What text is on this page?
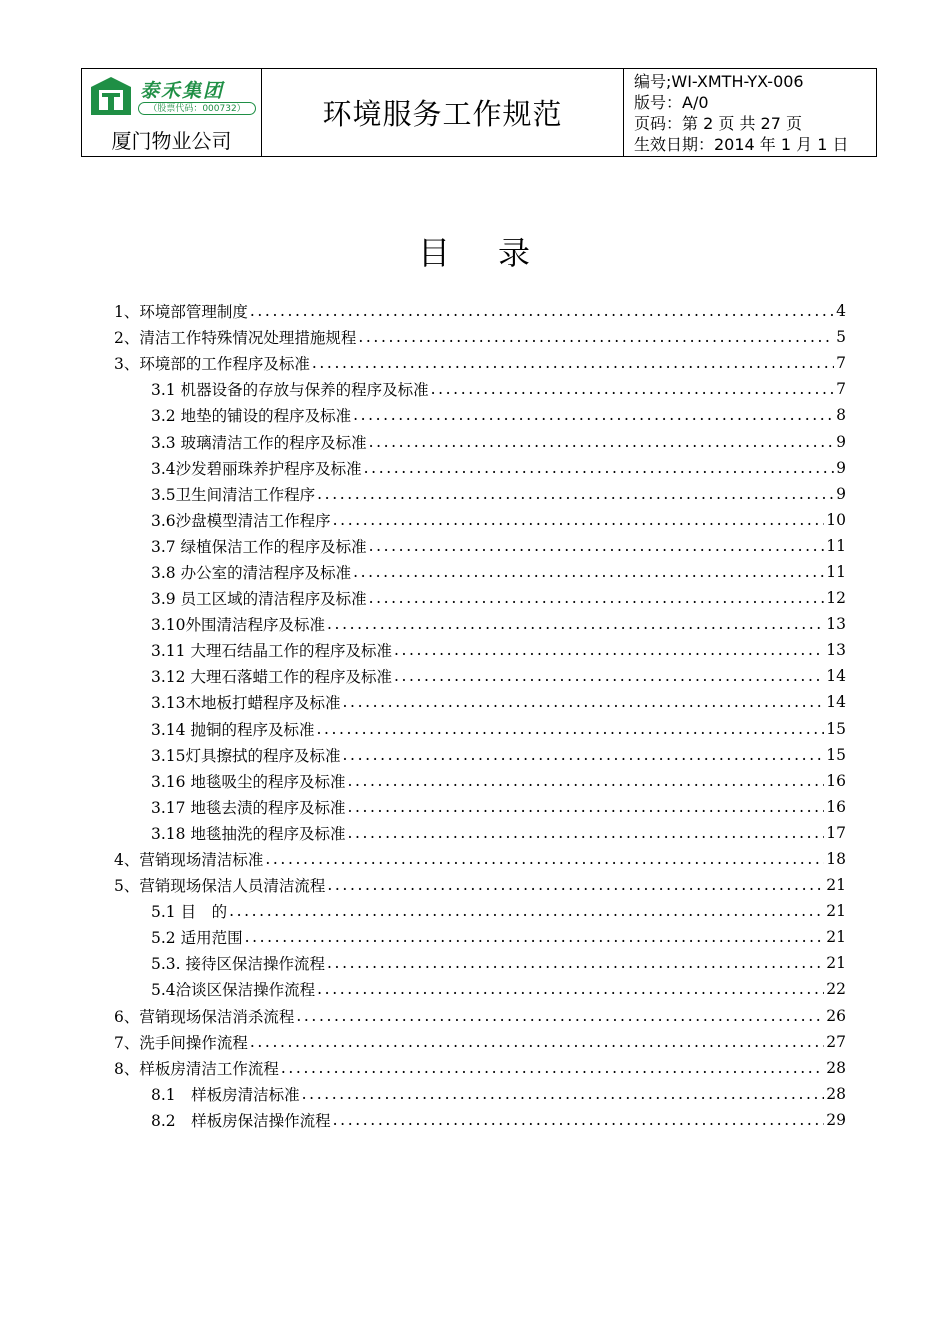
泰禾集团
（股票代码：000732）
厦门物业公司
环境服务工作规范
编号;WI-XMTH-YX-006
版号：A/0
页码：第 2 页 共 27 页
生效日期：2014 年 1 月 1 日
目 录
1、环境部管理制度 .....	4
2、清洁工作特殊情况处理措施规程 .....	5
3、环境部的工作程序及标准 .....	7
3.1 机器设备的存放与保养的程序及标准 .....	7
3.2 地垫的铺设的程序及标准 .....	8
3.3 玻璃清洁工作的程序及标准 .....	9
3.4沙发碧丽珠养护程序及标准 .....	9
3.5卫生间清洁工作程序 .....	9
3.6沙盘模型清洁工作程序 .....	10
3.7 绿植保洁工作的程序及标准 .....	11
3.8 办公室的清洁程序及标准 .....	11
3.9 员工区域的清洁程序及标准 .....	12
3.10外围清洁程序及标准 .....	13
3.11 大理石结晶工作的程序及标准 .....	13
3.12 大理石落蜡工作的程序及标准 .....	14
3.13木地板打蜡程序及标准 .....	14
3.14 抛铜的程序及标准 .....	15
3.15灯具擦拭的程序及标准 .....	15
3.16 地毯吸尘的程序及标准 .....	16
3.17 地毯去渍的程序及标准 .....	16
3.18 地毯抽洗的程序及标准 .....	17
4、营销现场清洁标准 .....	18
5、营销现场保洁人员清洁流程 .....	21
5.1 目　的 .....	21
5.2 适用范围 .....	21
5.3. 接待区保洁操作流程 .....	21
5.4洽谈区保洁操作流程 .....	22
6、营销现场保洁消杀流程 .....	26
7、洗手间操作流程 .....	27
8、样板房清洁工作流程 .....	28
8.1　样板房清洁标准 .....	28
8.2　样板房保洁操作流程 .....	29
